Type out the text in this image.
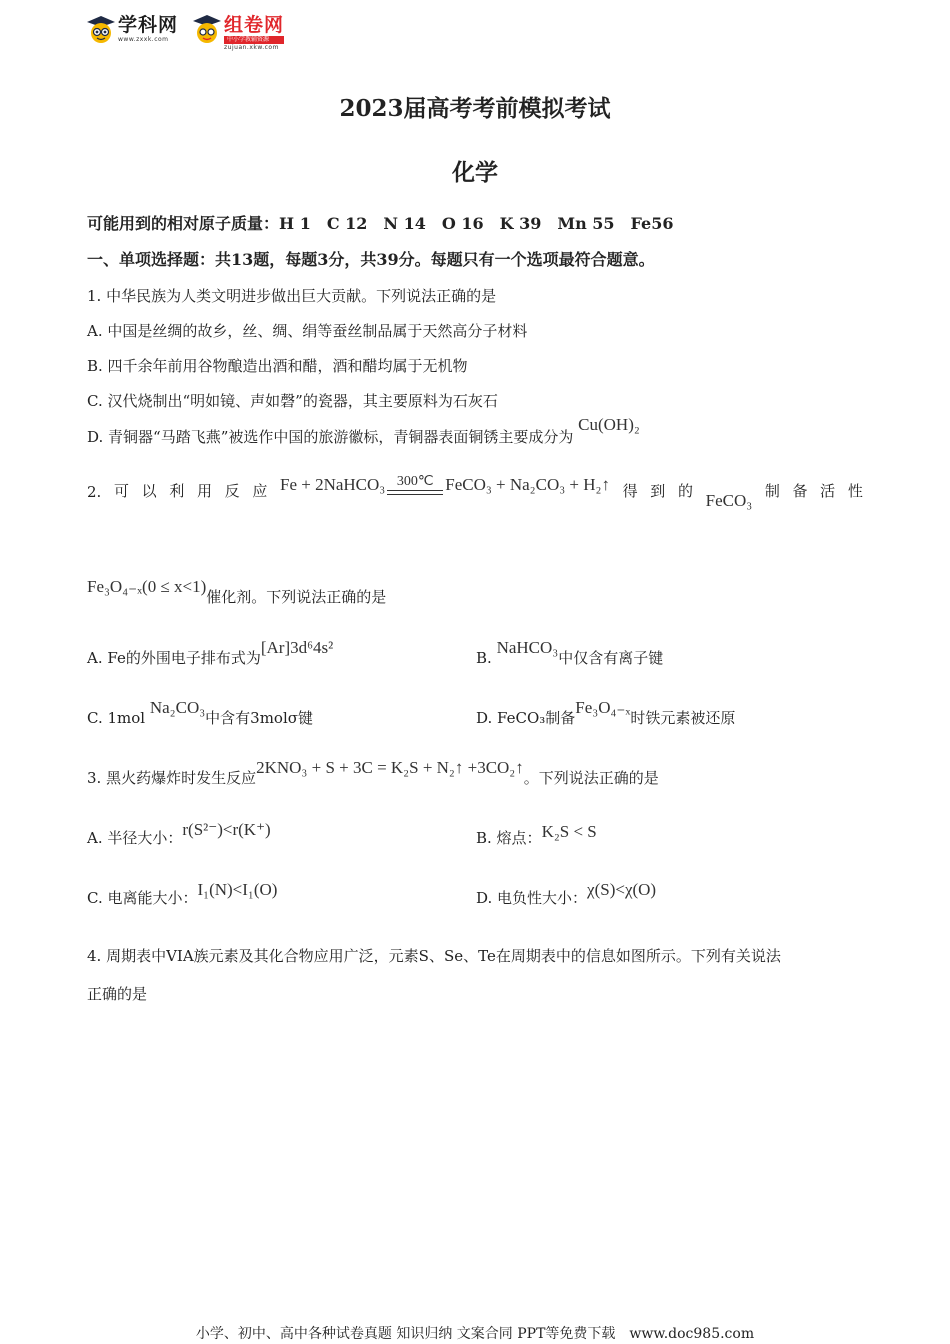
学科网
www.zxxk.com
组卷网
中小学教辅资源
zujuan.xkw.com
2023届高考考前模拟考试
化学
可能用到的相对原子质量：H 1　C 12　N 14　O 16　K 39　Mn 55　Fe56
一、单项选择题：共13题，每题3分，共39分。每题只有一个选项最符合题意。
1. 中华民族为人类文明进步做出巨大贡献。下列说法正确的是
A. 中国是丝绸的故乡，丝、绸、绢等蚕丝制品属于天然高分子材料
B. 四千余年前用谷物酿造出酒和醋，酒和醋均属于无机物
C. 汉代烧制出“明如镜、声如磬”的瓷器，其主要原料为石灰石
D. 青铜器“马踏飞燕”被选作中国的旅游徽标，青铜器表面铜锈主要成分为 Cu(OH)₂
2. 可 以 利 用 反 应 Fe + 2NaHCO₃ 300℃ FeCO₃ + Na₂CO₃ + H₂↑ 得 到 的 FeCO₃ 制 备 活 性
Fe₃O₄₋ₓ(0 ≤ x<1)催化剂。下列说法正确的是
A. Fe的外围电子排布式为[Ar]3d⁶4s²
B. NaHCO₃中仅含有离子键
C. 1mol Na₂CO₃中含有3molσ键	D. FeCO₃制备Fe₃O₄₋ₓ时铁元素被还原
3. 黑火药爆炸时发生反应2KNO₃ + S + 3C = K₂S + N₂↑ +3CO₂↑。下列说法正确的是
A. 半径大小：r(S²⁻)<r(K⁺)	B. 熔点：K₂S < S
C. 电离能大小：I₁(N)<I₁(O)	D. 电负性大小：χ(S)<χ(O)
4. 周期表中VIA族元素及其化合物应用广泛，元素S、Se、Te在周期表中的信息如图所示。下列有关说法
正确的是
小学、初中、高中各种试卷真题 知识归纳 文案合同 PPT等免费下载　www.doc985.com
